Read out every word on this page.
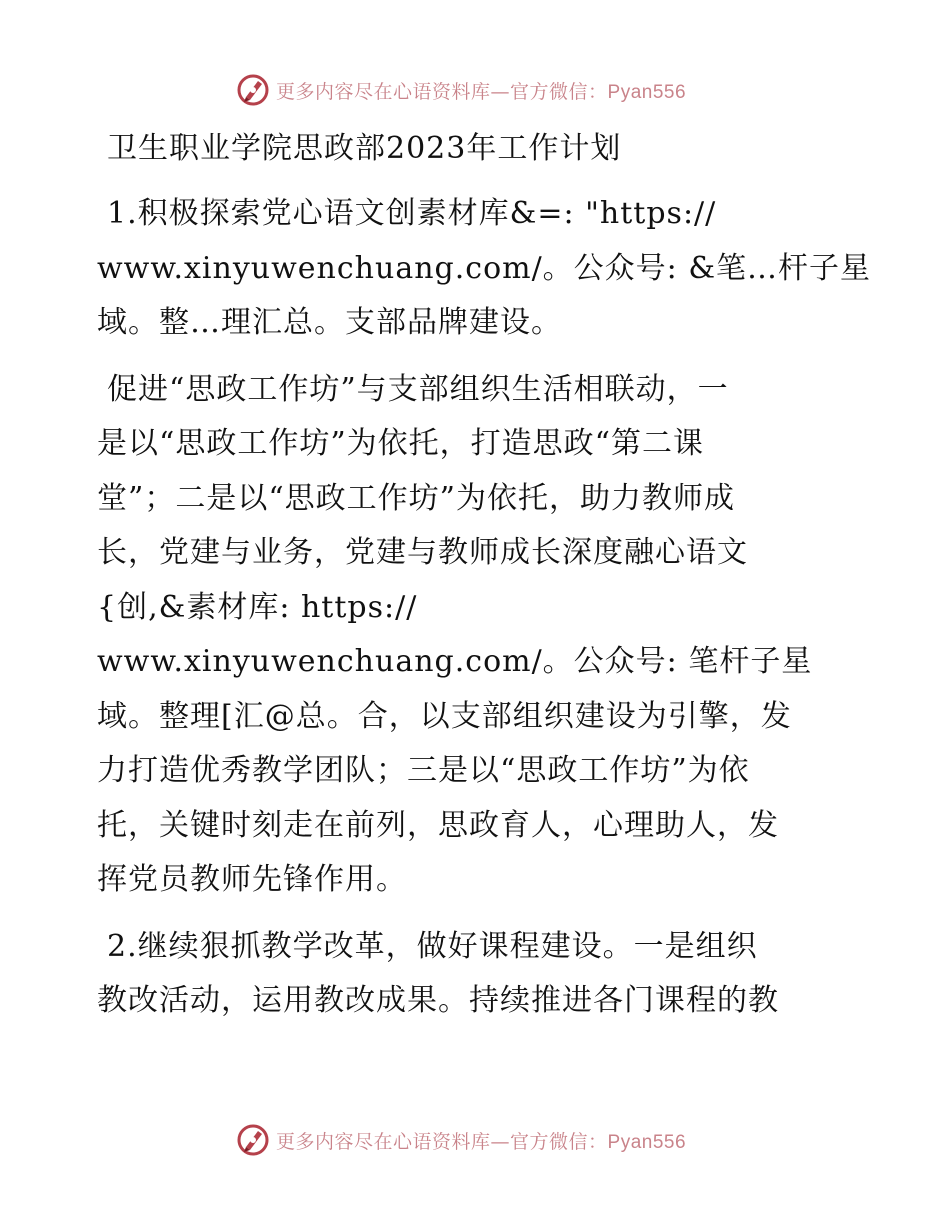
更多内容尽在心语资料库—官方微信：Pyan556
卫生职业学院思政部2023年工作计划
1.积极探索党心语文创素材库&=: "https://
www.xinyuwenchuang.com/。公众号: &笔…杆子星
域。整…理汇总。支部品牌建设。
促进“思政工作坊”与支部组织生活相联动，一
是以“思政工作坊”为依托，打造思政“第二课
堂”；二是以“思政工作坊”为依托，助力教师成
长，党建与业务，党建与教师成长深度融心语文
{创,&素材库: https://
www.xinyuwenchuang.com/。公众号: 笔杆子星
域。整理[汇@总。合，以支部组织建设为引擎，发
力打造优秀教学团队；三是以“思政工作坊”为依
托，关键时刻走在前列，思政育人，心理助人，发
挥党员教师先锋作用。
2.继续狠抓教学改革，做好课程建设。一是组织
教改活动，运用教改成果。持续推进各门课程的教
更多内容尽在心语资料库—官方微信：Pyan556
